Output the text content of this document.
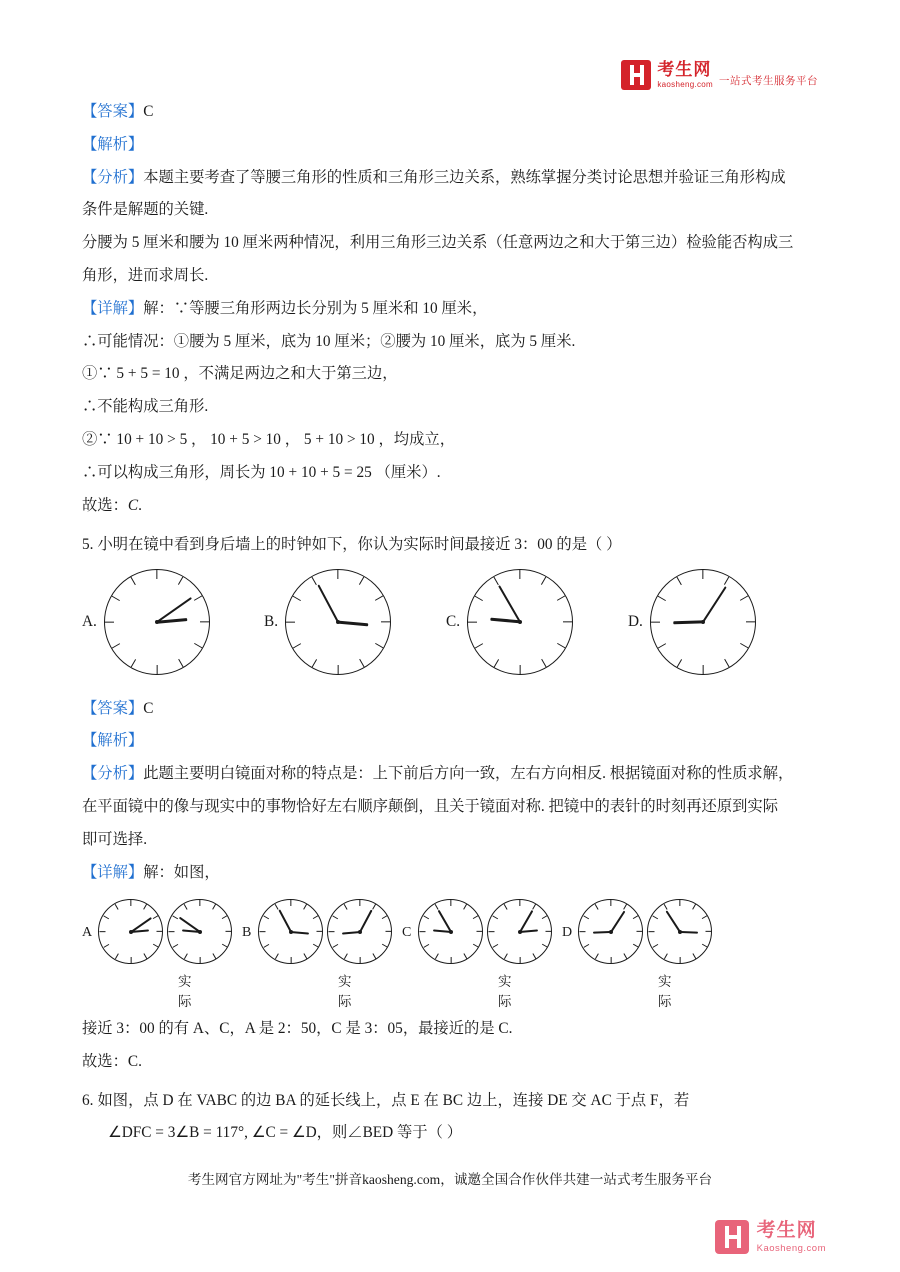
考生网
kaosheng.com 一站式考生服务平台
【答案】C
【解析】
【分析】本题主要考查了等腰三角形的性质和三角形三边关系，熟练掌握分类讨论思想并验证三角形构成
条件是解题的关键.
分腰为 5 厘米和腰为 10 厘米两种情况，利用三角形三边关系（任意两边之和大于第三边）检验能否构成三
角形，进而求周长.
【详解】解：∵等腰三角形两边长分别为 5 厘米和 10 厘米，
∴可能情况：①腰为 5 厘米，底为 10 厘米；②腰为 10 厘米，底为 5 厘米.
①∵ 5 + 5 = 10 ，不满足两边之和大于第三边，
∴不能构成三角形.
②∵ 10 + 10 > 5 ， 10 + 5 > 10 ， 5 + 10 > 10 ，均成立，
∴可以构成三角形，周长为 10 + 10 + 5 = 25 （厘米）.
故选：C.
5. 小明在镜中看到身后墙上的时钟如下，你认为实际时间最接近 3：00 的是（ ）
A.	B.	C.	D.
【答案】C
【解析】
【分析】此题主要明白镜面对称的特点是：上下前后方向一致，左右方向相反. 根据镜面对称的性质求解，
在平面镜中的像与现实中的事物恰好左右顺序颠倒，且关于镜面对称. 把镜中的表针的时刻再还原到实际
即可选择.
【详解】解：如图，
A
实际
B
实际
C
实际
D
实际
接近 3：00 的有 A、C，A 是 2：50，C 是 3：05，最接近的是 C.
故选：C.
6. 如图，点 D 在 VABC 的边 BA 的延长线上，点 E 在 BC 边上，连接 DE 交 AC 于点 F，若
∠DFC = 3∠B = 117°, ∠C = ∠D，则∠BED 等于（ ）
考生网官方网址为"考生"拼音kaosheng.com，诚邀全国合作伙伴共建一站式考生服务平台
考生网
Kaosheng.com
